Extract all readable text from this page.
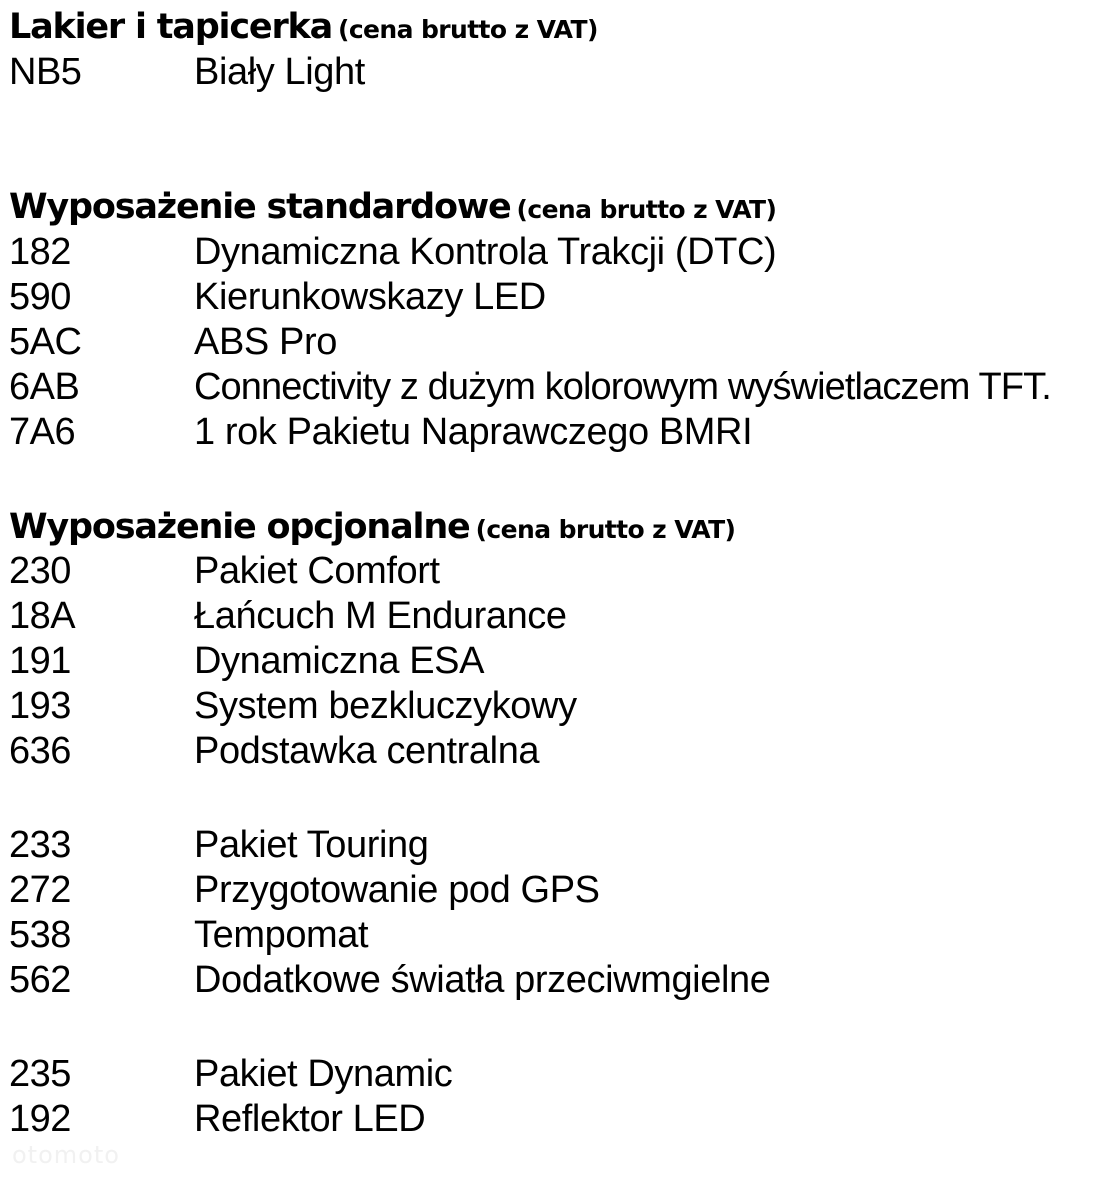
Lakier i tapicerka (cena brutto z VAT)
NB5	Biały Light
Wyposażenie standardowe (cena brutto z VAT)
182	Dynamiczna Kontrola Trakcji (DTC)
590	Kierunkowskazy LED
5AC	ABS Pro
6AB	Connectivity z dużym kolorowym wyświetlaczem TFT.
7A6	1 rok Pakietu Naprawczego BMRI
Wyposażenie opcjonalne (cena brutto z VAT)
230	Pakiet Comfort
18A	Łańcuch M Endurance
191	Dynamiczna ESA
193	System bezkluczykowy
636	Podstawka centralna
233	Pakiet Touring
272	Przygotowanie pod GPS
538	Tempomat
562	Dodatkowe światła przeciwmgielne
235	Pakiet Dynamic
192	Reflektor LED
otomoto
